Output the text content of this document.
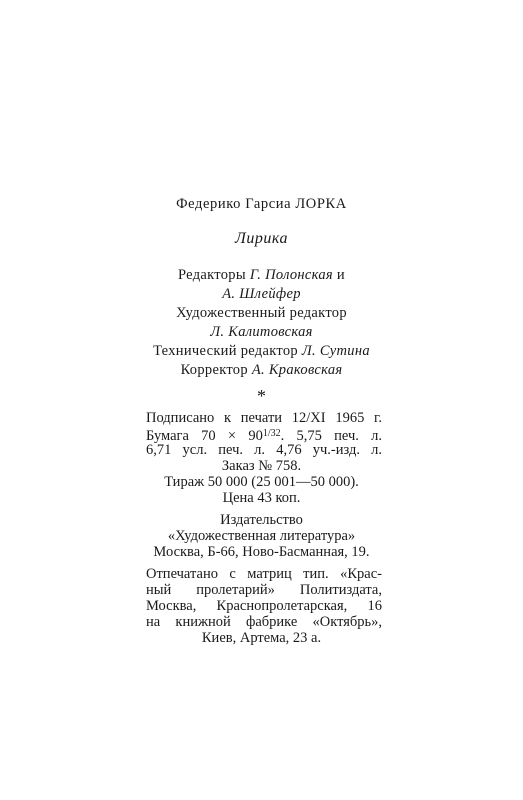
Федерико Гарсиа ЛОРКА
Лирика
Редакторы Г. Полонская и
А. Шлейфер
Художественный редактор
Л. Калитовская
Технический редактор Л. Сутина
Корректор А. Краковская
*
Подписано к печати 12/XI 1965 г.
Бумага $70 \times 90^{1/32}$. 5,75 печ. л.
6,71 усл. печ. л. 4,76 уч.-изд. л.
Заказ № 758.
Тираж 50 000 (25 001—50 000).
Цена 43 коп.
Издательство
«Художественная литература»
Москва, Б-66, Ново-Басманная, 19.
Отпечатано с матриц тип. «Крас-
ный пролетарий» Политиздата,
Москва, Краснопролетарская, 16
на книжной фабрике «Октябрь»,
Киев, Артема, 23 а.
